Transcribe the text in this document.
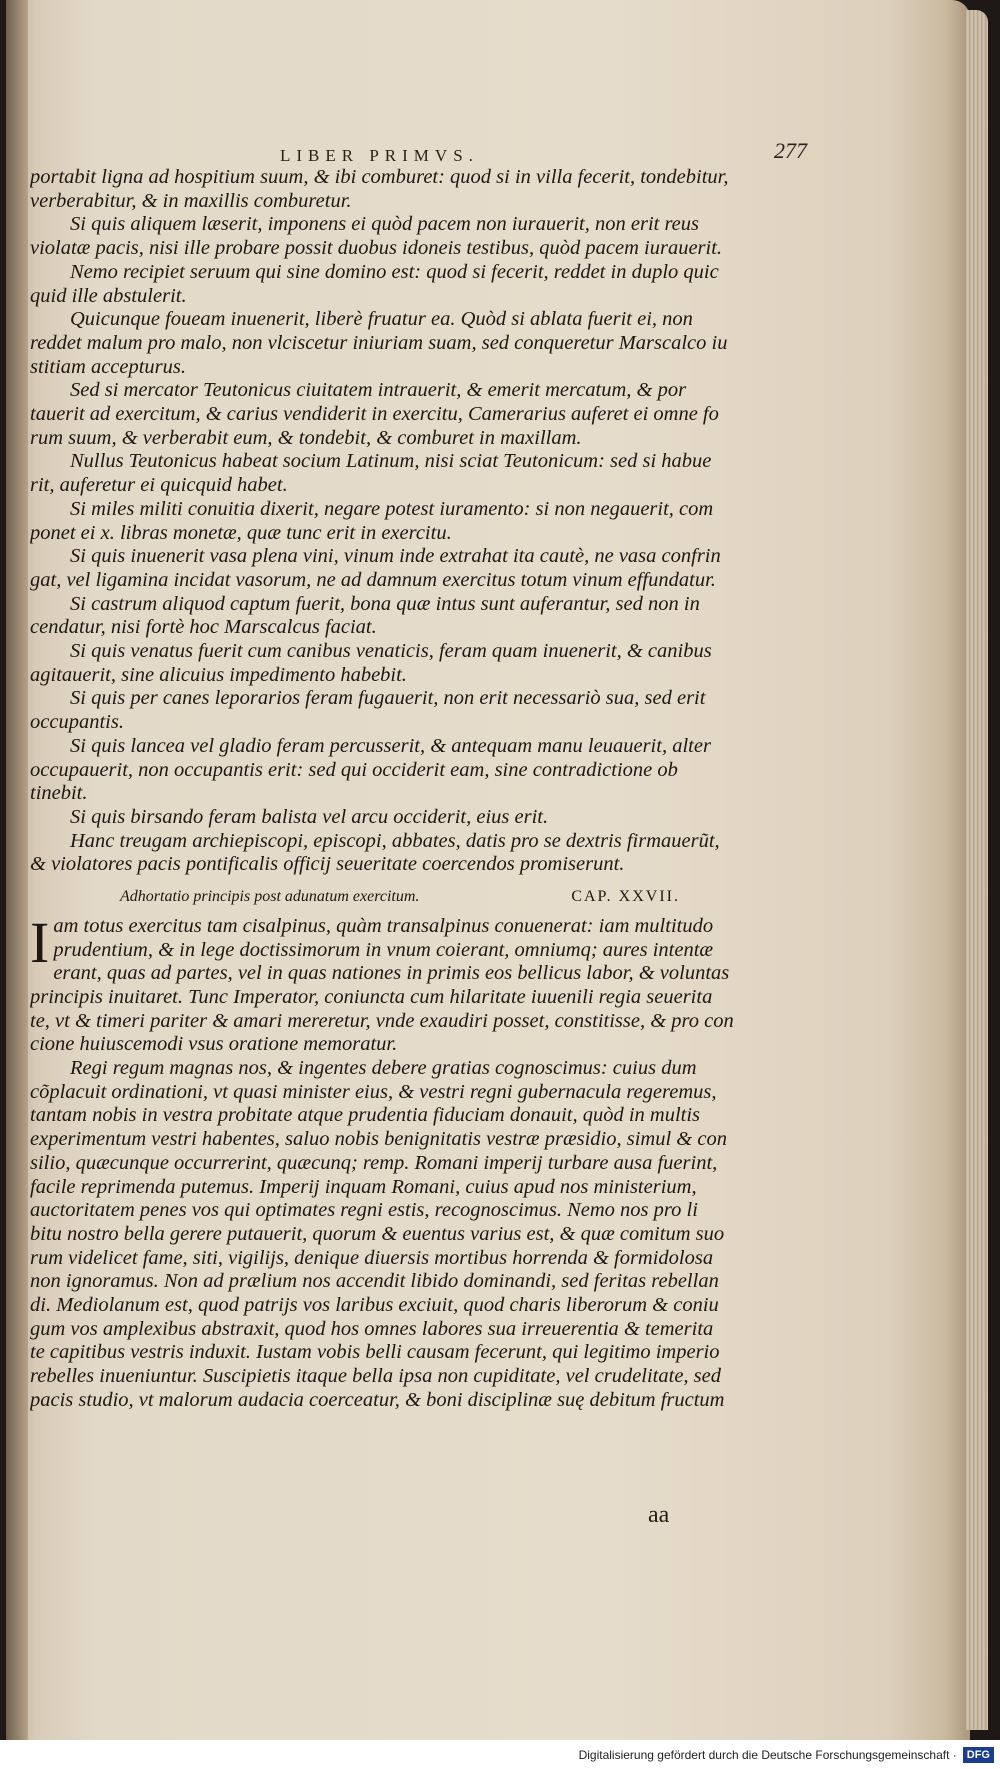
LIBER PRIMVS.	277
portabit ligna ad hospitium suum, & ibi comburet: quod si in villa fecerit, tondebitur,
verberabitur, & in maxillis comburetur.
Si quis aliquem læserit, imponens ei quòd pacem non iurauerit, non erit reus
violatæ pacis, nisi ille probare possit duobus idoneis testibus, quòd pacem iurauerit.
Nemo recipiet seruum qui sine domino est: quod si fecerit, reddet in duplo quic
quid ille abstulerit.
Quicunque foueam inuenerit, liberè fruatur ea. Quòd si ablata fuerit ei, non
reddet malum pro malo, non vlciscetur iniuriam suam, sed conqueretur Marscalco iu
stitiam accepturus.
Sed si mercator Teutonicus ciuitatem intrauerit, & emerit mercatum, & por
tauerit ad exercitum, & carius vendiderit in exercitu, Camerarius auferet ei omne fo
rum suum, & verberabit eum, & tondebit, & comburet in maxillam.
Nullus Teutonicus habeat socium Latinum, nisi sciat Teutonicum: sed si habue
rit, auferetur ei quicquid habet.
Si miles militi conuitia dixerit, negare potest iuramento: si non negauerit, com
ponet ei x. libras monetæ, quæ tunc erit in exercitu.
Si quis inuenerit vasa plena vini, vinum inde extrahat ita cautè, ne vasa confrin
gat, vel ligamina incidat vasorum, ne ad damnum exercitus totum vinum effundatur.
Si castrum aliquod captum fuerit, bona quæ intus sunt auferantur, sed non in
cendatur, nisi fortè hoc Marscalcus faciat.
Si quis venatus fuerit cum canibus venaticis, feram quam inuenerit, & canibus
agitauerit, sine alicuius impedimento habebit.
Si quis per canes leporarios feram fugauerit, non erit necessariò sua, sed erit
occupantis.
Si quis lancea vel gladio feram percusserit, & antequam manu leuauerit, alter
occupauerit, non occupantis erit: sed qui occiderit eam, sine contradictione ob
tinebit.
Si quis birsando feram balista vel arcu occiderit, eius erit.
Hanc treugam archiepiscopi, episcopi, abbates, datis pro se dextris firmauerũt,
& violatores pacis pontificalis officij seueritate coercendos promiserunt.
Adhortatio principis post adunatum exercitum.	CAP. XXVII.
I am totus exercitus tam cisalpinus, quàm transalpinus conuenerat: iam multitudo
prudentium, & in lege doctissimorum in vnum coierant, omniumq; aures intentæ
erant, quas ad partes, vel in quas nationes in primis eos bellicus labor, & voluntas
principis inuitaret. Tunc Imperator, coniuncta cum hilaritate iuuenili regia seuerita
te, vt & timeri pariter & amari mereretur, vnde exaudiri posset, constitisse, & pro con
cione huiuscemodi vsus oratione memoratur.
Regi regum magnas nos, & ingentes debere gratias cognoscimus: cuius dum
cõplacuit ordinationi, vt quasi minister eius, & vestri regni gubernacula regeremus,
tantam nobis in vestra probitate atque prudentia fiduciam donauit, quòd in multis
experimentum vestri habentes, saluo nobis benignitatis vestræ præsidio, simul & con
silio, quæcunque occurrerint, quæcunq; remp. Romani imperij turbare ausa fuerint,
facile reprimenda putemus. Imperij inquam Romani, cuius apud nos ministerium,
auctoritatem penes vos qui optimates regni estis, recognoscimus. Nemo nos pro li
bitu nostro bella gerere putauerit, quorum & euentus varius est, & quæ comitum suo
rum videlicet fame, siti, vigilijs, denique diuersis mortibus horrenda & formidolosa
non ignoramus. Non ad prælium nos accendit libido dominandi, sed feritas rebellan
di. Mediolanum est, quod patrijs vos laribus exciuit, quod charis liberorum & coniu
gum vos amplexibus abstraxit, quod hos omnes labores sua irreuerentia & temerita
te capitibus vestris induxit. Iustam vobis belli causam fecerunt, qui legitimo imperio
rebelles inueniuntur. Suscipietis itaque bella ipsa non cupiditate, vel crudelitate, sed
pacis studio, vt malorum audacia coerceatur, & boni disciplinæ suę debitum fructum
aa
Digitalisierung gefördert durch die Deutsche Forschungsgemeinschaft · DFG
